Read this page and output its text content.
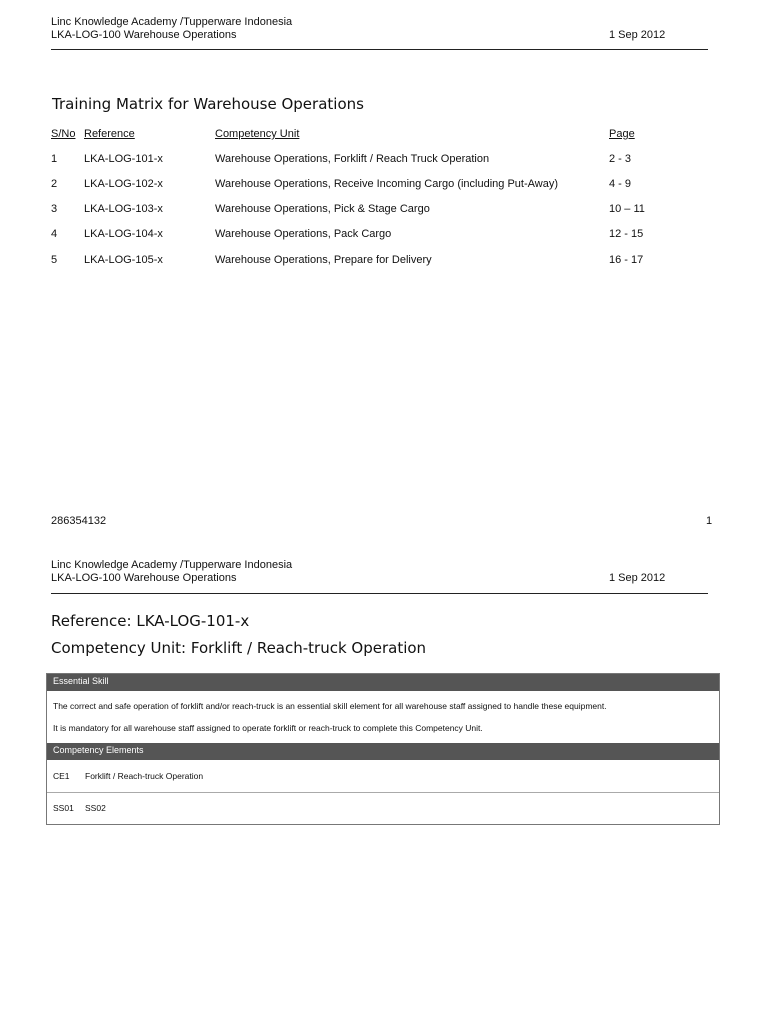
Linc Knowledge Academy /Tupperware Indonesia
LKA-LOG-100 Warehouse Operations	1 Sep 2012
Training Matrix for Warehouse Operations
S/No Reference	Competency Unit	Page
1 LKA-LOG-101-x	Warehouse Operations, Forklift / Reach Truck Operation	2 - 3
2 LKA-LOG-102-x	Warehouse Operations, Receive Incoming Cargo (including Put-Away)	4 - 9
3 LKA-LOG-103-x	Warehouse Operations, Pick & Stage Cargo	10 – 11
4 LKA-LOG-104-x	Warehouse Operations, Pack Cargo	12 - 15
5 LKA-LOG-105-x	Warehouse Operations, Prepare for Delivery	16 - 17
286354132	1
Linc Knowledge Academy /Tupperware Indonesia
LKA-LOG-100 Warehouse Operations	1 Sep 2012
Reference: LKA-LOG-101-x
Competency Unit: Forklift / Reach-truck Operation
Essential Skill
The correct and safe operation of forklift and/or reach-truck is an essential skill element for all warehouse staff assigned to handle these equipment.
It is mandatory for all warehouse staff assigned to operate forklift or reach-truck to complete this Competency Unit.
Competency Elements
CE1 Forklift / Reach-truck Operation
SS01 SS02
